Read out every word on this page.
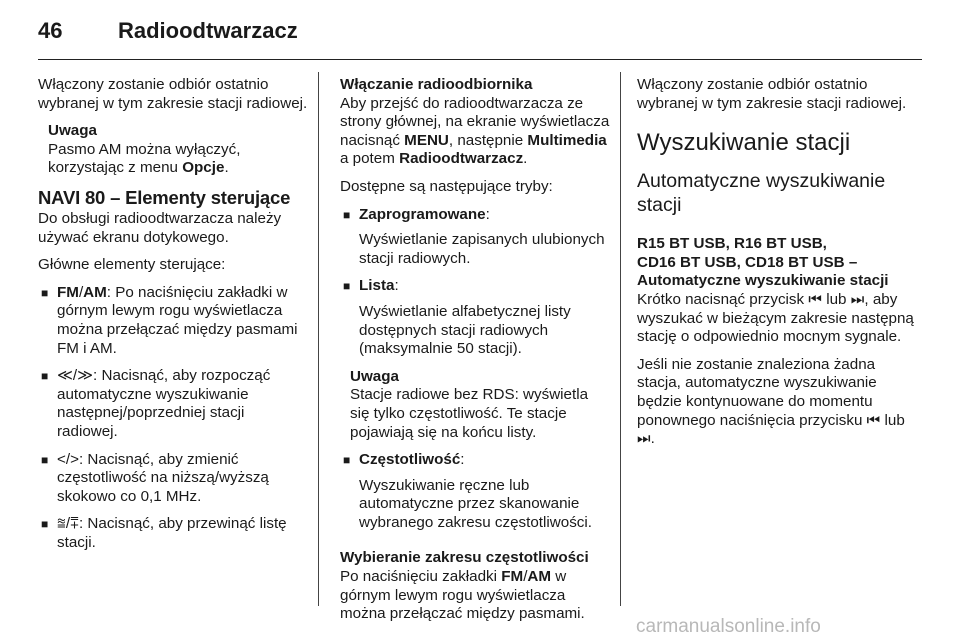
46	Radioodtwarzacz

Włączony zostanie odbiór ostatnio wybranej w tym zakresie stacji radiowej.

Uwaga
Pasmo AM można wyłączyć, korzystając z menu Opcje.
NAVI 80 – Elementy sterujące

Do obsługi radioodtwarzacza należy używać ekranu dotykowego.

Główne elementy sterujące:

■ FM/AM: Po naciśnięciu zakładki w górnym lewym rogu wyświetlacza można przełączać między pasmami FM i AM.
■ ≪/≫: Nacisnąć, aby rozpocząć automatyczne wyszukiwanie następnej/poprzedniej stacji radiowej.
■ </>: Nacisnąć, aby zmienić częstotliwość na niższą/wyższą skokowo co 0,1 MHz.
■ ⩰/⩱: Nacisnąć, aby przewinąć listę stacji.
Włączanie radioodbiornika

Aby przejść do radioodtwarzacza ze strony głównej, na ekranie wyświetlacza nacisnąć MENU, następnie Multimedia a potem Radioodtwarzacz.

Dostępne są następujące tryby:

■ Zaprogramowane:
Wyświetlanie zapisanych ulubionych stacji radiowych.
■ Lista:
Wyświetlanie alfabetycznej listy dostępnych stacji radiowych (maksymalnie 50 stacji).
Uwaga
Stacje radiowe bez RDS: wyświetla się tylko częstotliwość. Te stacje pojawiają się na końcu listy.
■ Częstotliwość:
Wyszukiwanie ręczne lub automatyczne przez skanowanie wybranego zakresu częstotliwości.
Wybieranie zakresu częstotliwości

Po naciśnięciu zakładki FM/AM w górnym lewym rogu wyświetlacza można przełączać między pasmami.

Włączony zostanie odbiór ostatnio wybranej w tym zakresie stacji radiowej.

Wyszukiwanie stacji
Automatyczne wyszukiwanie stacji
R15 BT USB, R16 BT USB,
CD16 BT USB, CD18 BT USB –
Automatyczne wyszukiwanie stacji

Krótko nacisnąć przycisk ⏮ lub ⏭, aby wyszukać w bieżącym zakresie następną stację o odpowiednio mocnym sygnale.

Jeśli nie zostanie znaleziona żadna stacja, automatyczne wyszukiwanie będzie kontynuowane do momentu ponownego naciśnięcia przycisku ⏮ lub ⏭.

carmanualsonline.info
